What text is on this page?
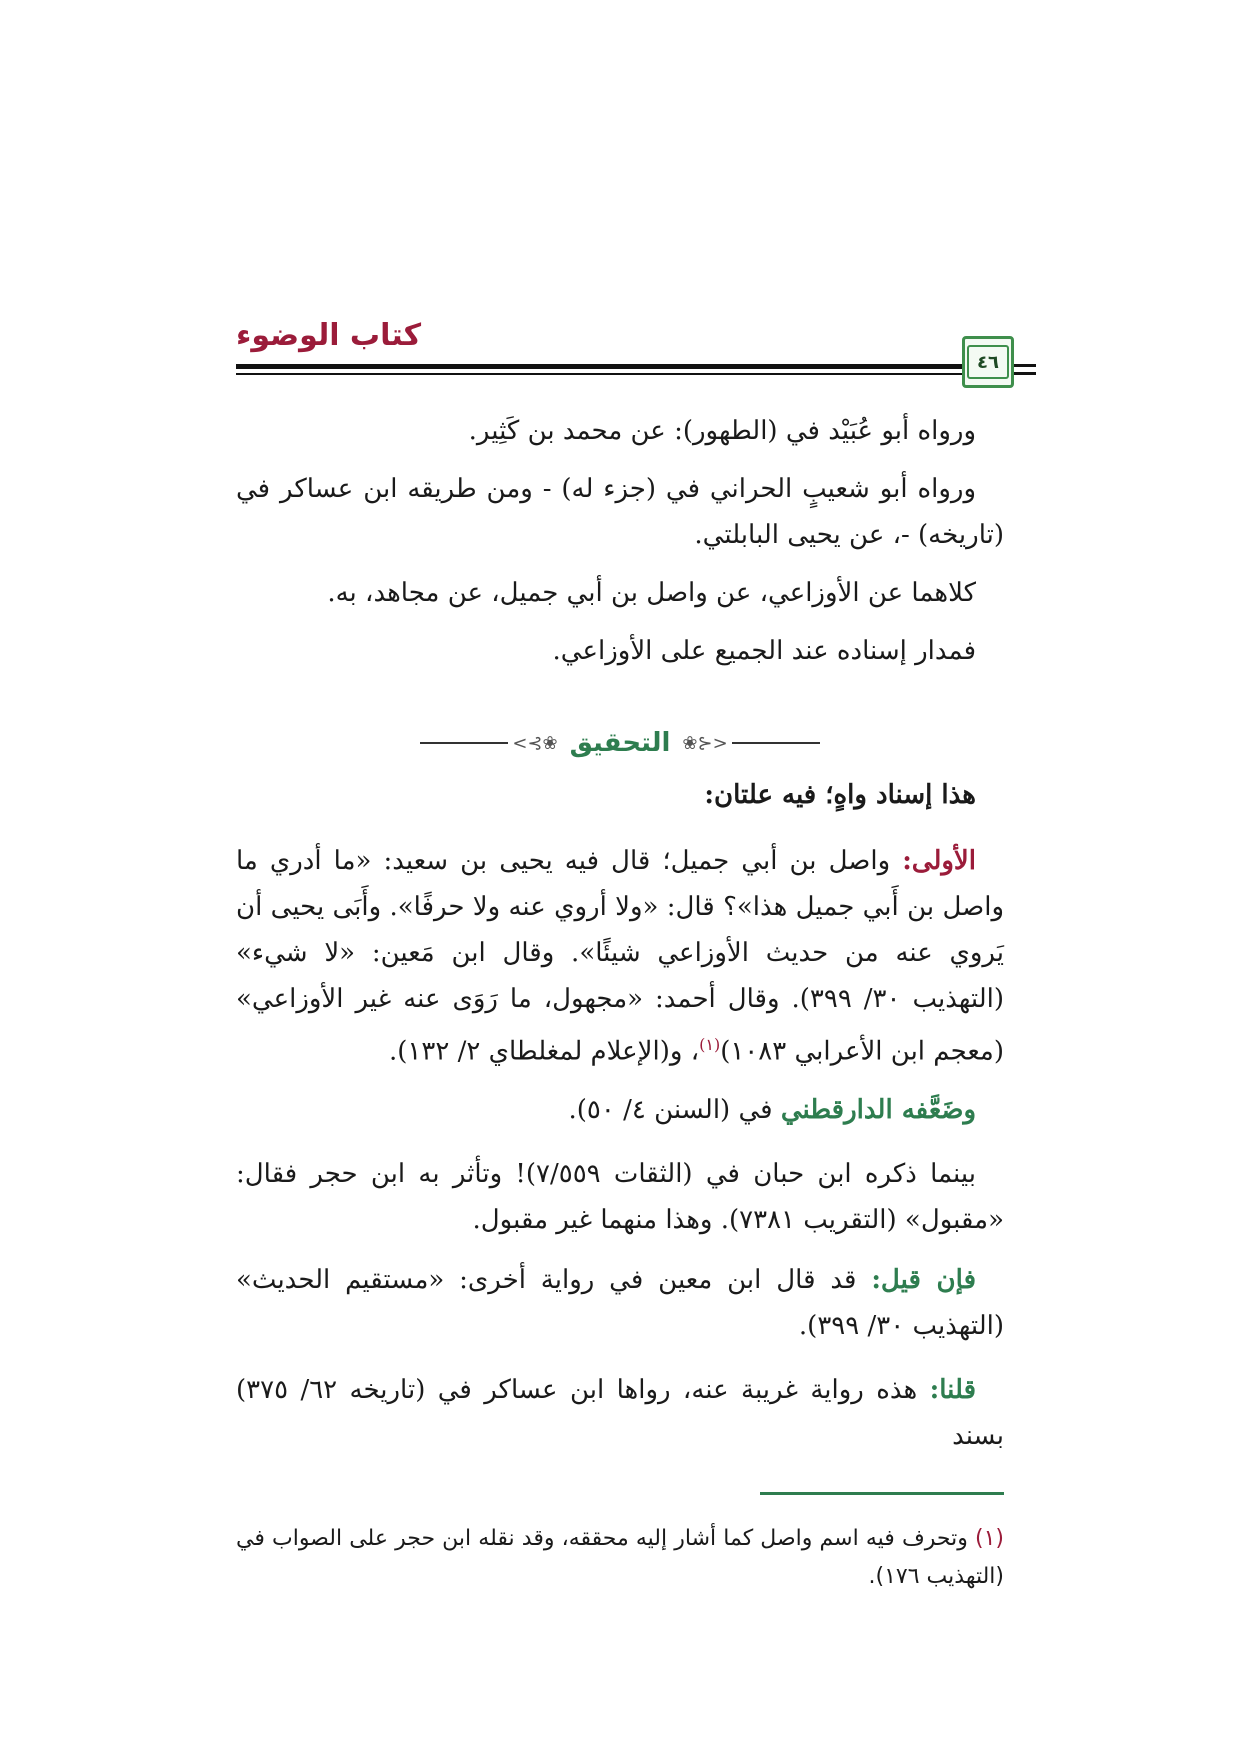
كتاب الوضوء
٤٦

ورواه أبو عُبَيْد في (الطهور): عن محمد بن كَثِير.

ورواه أبو شعيبٍ الحراني في (جزء له) - ومن طريقه ابن عساكر في (تاريخه) -، عن يحيى البابلتي.

كلاهما عن الأوزاعي، عن واصل بن أبي جميل، عن مجاهد، به.

فمدار إسناده عند الجميع على الأوزاعي.

<⊰❀
التحقيق
❀⊱>

هذا إسناد واهٍ؛ فيه علتان:

الأولى: واصل بن أبي جميل؛ قال فيه يحيى بن سعيد: «ما أدري ما واصل بن أَبي جميل هذا»؟ قال: «ولا أروي عنه ولا حرفًا». وأَبَى يحيى أن يَروي عنه من حديث الأوزاعي شيئًا». وقال ابن مَعين: «لا شيء» (التهذيب ٣٠/ ٣٩٩). وقال أحمد: «مجهول، ما رَوَى عنه غير الأوزاعي» (معجم ابن الأعرابي ١٠٨٣)$^{(١)}$، و(الإعلام لمغلطاي ٢/ ١٣٢).

وضَعَّفه الدارقطني في (السنن ٤/ ٥٠).

بينما ذكره ابن حبان في (الثقات ٧/٥٥٩)! وتأثر به ابن حجر فقال: «مقبول» (التقريب ٧٣٨١). وهذا منهما غير مقبول.

فإن قيل: قد قال ابن معين في رواية أخرى: «مستقيم الحديث» (التهذيب ٣٠/ ٣٩٩).

قلنا: هذه رواية غريبة عنه، رواها ابن عساكر في (تاريخه ٦٢/ ٣٧٥) بسند

(١) وتحرف فيه اسم واصل كما أشار إليه محققه، وقد نقله ابن حجر على الصواب في (التهذيب ١٧٦).
